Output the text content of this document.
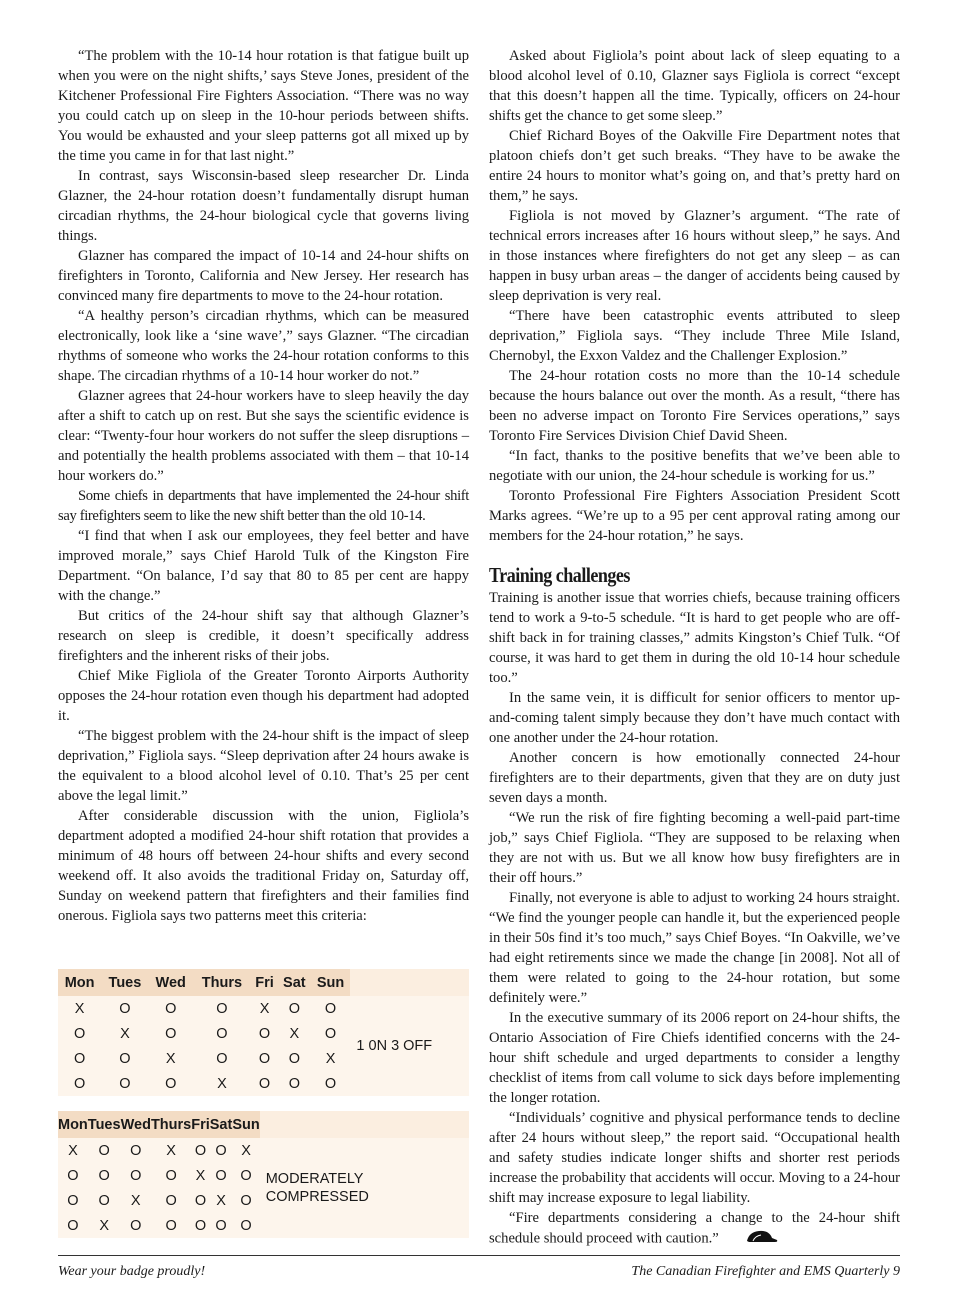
“The problem with the 10-14 hour rotation is that fatigue built up when you were on the night shifts,’ says Steve Jones, president of the Kitchener Professional Fire Fighters Association. “There was no way you could catch up on sleep in the 10-hour periods between shifts. You would be exhausted and your sleep patterns got all mixed up by the time you came in for that last night.”

In contrast, says Wisconsin-based sleep researcher Dr. Linda Glazner, the 24-hour rotation doesn’t fundamentally disrupt human circadian rhythms, the 24-hour biological cycle that governs living things.

Glazner has compared the impact of 10-14 and 24-hour shifts on firefighters in Toronto, California and New Jersey. Her research has convinced many fire departments to move to the 24-hour rotation.

“A healthy person’s circadian rhythms, which can be measured electronically, look like a ‘sine wave’,” says Glazner. “The circadian rhythms of someone who works the 24-hour rotation conforms to this shape. The circadian rhythms of a 10-14 hour worker do not.”

Glazner agrees that 24-hour workers have to sleep heavily the day after a shift to catch up on rest. But she says the scientific evidence is clear: “Twenty-four hour workers do not suffer the sleep disruptions – and potentially the health problems associated with them – that 10-14 hour workers do.”

Some chiefs in departments that have implemented the 24-hour shift say firefighters seem to like the new shift better than the old 10-14.

“I find that when I ask our employees, they feel better and have improved morale,” says Chief Harold Tulk of the Kingston Fire Department. “On balance, I’d say that 80 to 85 per cent are happy with the change.”

But critics of the 24-hour shift say that although Glazner’s research on sleep is credible, it doesn’t specifically address firefighters and the inherent risks of their jobs.

Chief Mike Figliola of the Greater Toronto Airports Authority opposes the 24-hour rotation even though his department had adopted it.

“The biggest problem with the 24-hour shift is the impact of sleep deprivation,” Figliola says. “Sleep deprivation after 24 hours awake is the equivalent to a blood alcohol level of 0.10. That’s 25 per cent above the legal limit.”

After considerable discussion with the union, Figliola’s department adopted a modified 24-hour shift rotation that provides a minimum of 48 hours off between 24-hour shifts and every second weekend off. It also avoids the traditional Friday on, Saturday off, Sunday on weekend pattern that firefighters and their families find onerous. Figliola says two patterns meet this criteria:

Mon	Tues	Wed	Thurs	Fri	Sat	Sun	
X	O	O	O	X	O	O	1 0N 3 OFF
O	X	O	O	O	X	O	
O	O	X	O	O	O	X	
O	O	O	X	O	O	O	
Mon	Tues	Wed	Thurs	Fri	Sat	Sun	
X	O	O	X	O	O	X	MODERATELY COMPRESSED
O	O	O	O	X	O	O	
O	O	X	O	O	X	O	
O	X	O	O	O	O	O	

Asked about Figliola’s point about lack of sleep equating to a blood alcohol level of 0.10, Glazner says Figliola is correct “except that this doesn’t happen all the time. Typically, officers on 24-hour shifts get the chance to get some sleep.”

Chief Richard Boyes of the Oakville Fire Department notes that platoon chiefs don’t get such breaks. “They have to be awake the entire 24 hours to monitor what’s going on, and that’s pretty hard on them,” he says.

Figliola is not moved by Glazner’s argument. “The rate of technical errors increases after 16 hours without sleep,” he says. And in those instances where firefighters do not get any sleep – as can happen in busy urban areas – the danger of accidents being caused by sleep deprivation is very real.

“There have been catastrophic events attributed to sleep deprivation,” Figliola says. “They include Three Mile Island, Chernobyl, the Exxon Valdez and the Challenger Explosion.”

The 24-hour rotation costs no more than the 10-14 schedule because the hours balance out over the month. As a result, “there has been no adverse impact on Toronto Fire Services operations,” says Toronto Fire Services Division Chief David Sheen.

“In fact, thanks to the positive benefits that we’ve been able to negotiate with our union, the 24-hour schedule is working for us.”

Toronto Professional Fire Fighters Association President Scott Marks agrees. “We’re up to a 95 per cent approval rating among our members for the 24-hour rotation,” he says.

Training challenges

Training is another issue that worries chiefs, because training officers tend to work a 9-to-5 schedule. “It is hard to get people who are off-shift back in for training classes,” admits Kingston’s Chief Tulk. “Of course, it was hard to get them in during the old 10-14 hour schedule too.”

In the same vein, it is difficult for senior officers to mentor up-and-coming talent simply because they don’t have much contact with one another under the 24-hour rotation.

Another concern is how emotionally connected 24-hour firefighters are to their departments, given that they are on duty just seven days a month.

“We run the risk of fire fighting becoming a well-paid part-time job,” says Chief Figliola. “They are supposed to be relaxing when they are not with us. But we all know how busy firefighters are in their off hours.”

Finally, not everyone is able to adjust to working 24 hours straight. “We find the younger people can handle it, but the experienced people in their 50s find it’s too much,” says Chief Boyes. “In Oakville, we’ve had eight retirements since we made the change [in 2008]. Not all of them were related to going to the 24-hour rotation, but some definitely were.”

In the executive summary of its 2006 report on 24-hour shifts, the Ontario Association of Fire Chiefs identified concerns with the 24-hour shift schedule and urged departments to consider a lengthy checklist of items from call volume to sick days before implementing the longer rotation.

“Individuals’ cognitive and physical performance tends to decline after 24 hours without sleep,” the report said. “Occupational health and safety studies indicate longer shifts and shorter rest periods increase the probability that accidents will occur. Moving to a 24-hour shift may increase exposure to legal liability.

“Fire departments considering a change to the 24-hour shift schedule should proceed with caution.”

Wear your badge proudly!	The Canadian Firefighter and EMS Quarterly 9
